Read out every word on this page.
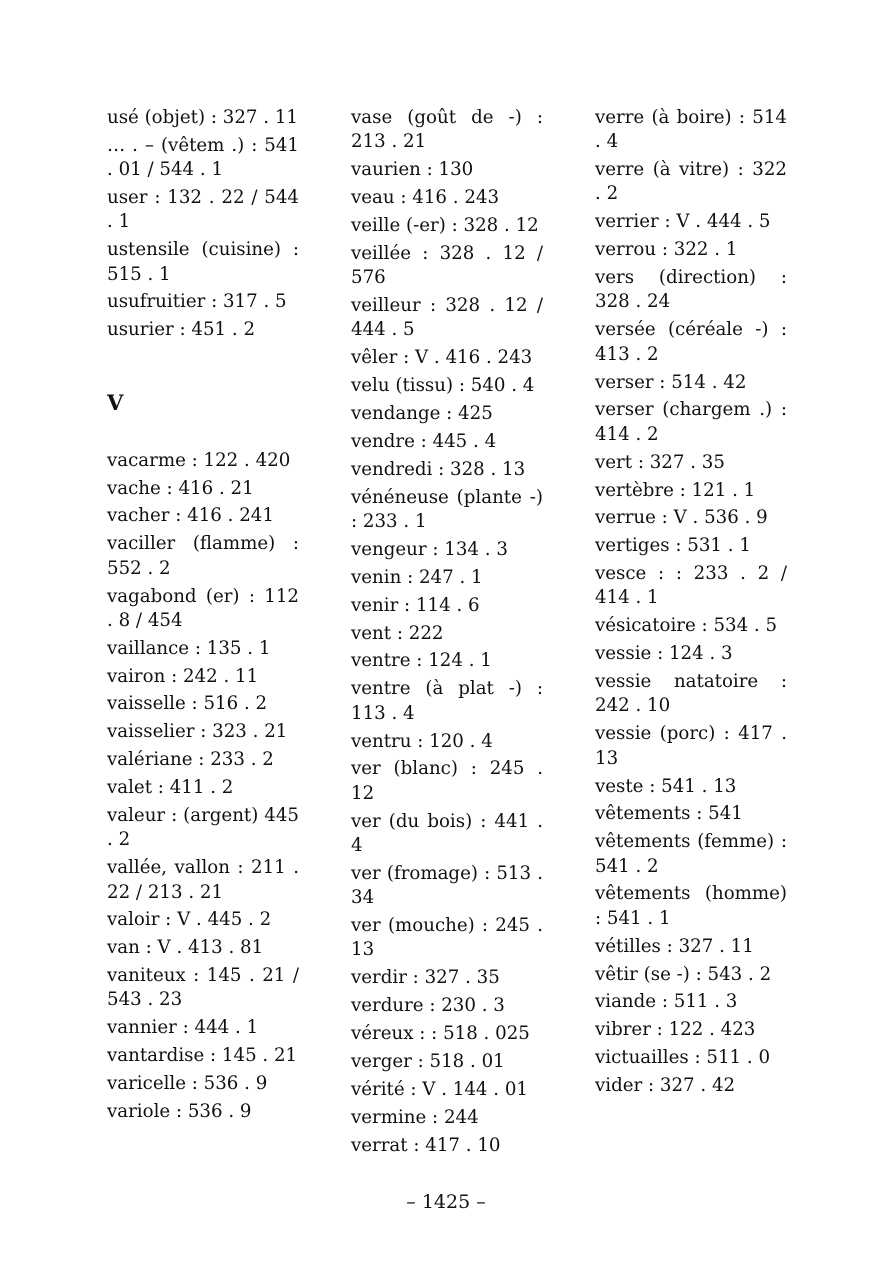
usé (objet) : 327 . 11
… . – (vêtem .) : 541 . 01 / 544 . 1
user : 132 . 22 / 544 . 1
ustensile (cuisine) : 515 . 1
usufruitier : 317 . 5
usurier : 451 . 2
V
vacarme : 122 . 420
vache : 416 . 21
vacher : 416 . 241
vaciller (flamme) : 552 . 2
vagabond (er) : 112 . 8 / 454
vaillance : 135 . 1
vairon : 242 . 11
vaisselle : 516 . 2
vaisselier : 323 . 21
valériane : 233 . 2
valet : 411 . 2
valeur : (argent) 445 . 2
vallée, vallon : 211 . 22 / 213 . 21
valoir : V . 445 . 2
van : V . 413 . 81
vaniteux : 145 . 21 / 543 . 23
vannier : 444 . 1
vantardise : 145 . 21
varicelle : 536 . 9
variole : 536 . 9
vase (goût de -) : 213 . 21
vaurien : 130
veau : 416 . 243
veille (-er) : 328 . 12
veillée : 328 . 12 / 576
veilleur : 328 . 12 / 444 . 5
vêler : V . 416 . 243
velu (tissu) : 540 . 4
vendange : 425
vendre : 445 . 4
vendredi : 328 . 13
vénéneuse (plante -) : 233 . 1
vengeur : 134 . 3
venin : 247 . 1
venir : 114 . 6
vent : 222
ventre : 124 . 1
ventre (à plat -) : 113 . 4
ventru : 120 . 4
ver (blanc) : 245 . 12
ver (du bois) : 441 . 4
ver (fromage) : 513 . 34
ver (mouche) : 245 . 13
verdir : 327 . 35
verdure : 230 . 3
véreux : : 518 . 025
verger : 518 . 01
vérité : V . 144 . 01
vermine : 244
verrat : 417 . 10
verre (à boire) : 514 . 4
verre (à vitre) : 322 . 2
verrier : V . 444 . 5
verrou : 322 . 1
vers (direction) : 328 . 24
versée (céréale -) : 413 . 2
verser : 514 . 42
verser (chargem .) : 414 . 2
vert : 327 . 35
vertèbre : 121 . 1
verrue : V . 536 . 9
vertiges : 531 . 1
vesce : : 233 . 2 / 414 . 1
vésicatoire : 534 . 5
vessie : 124 . 3
vessie natatoire : 242 . 10
vessie (porc) : 417 . 13
veste : 541 . 13
vêtements : 541
vêtements (femme) : 541 . 2
vêtements (homme) : 541 . 1
vétilles : 327 . 11
vêtir (se -) : 543 . 2
viande : 511 . 3
vibrer : 122 . 423
victuailles : 511 . 0
vider : 327 . 42
– 1425 –
